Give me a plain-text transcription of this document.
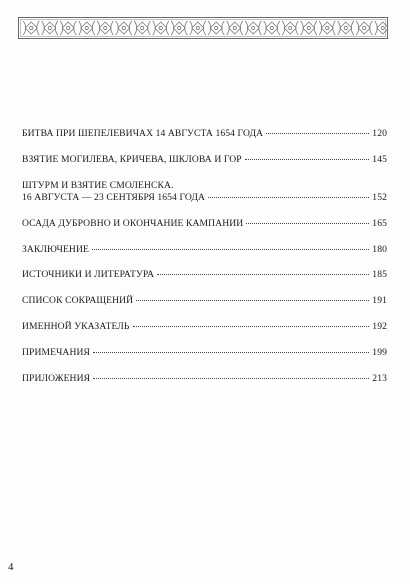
БИТВА ПРИ ШЕПЕЛЕВИЧАХ 14 АВГУСТА 1654 ГОДА	120
ВЗЯТИЕ МОГИЛЕВА, КРИЧЕВА, ШКЛОВА И ГОР	145
ШТУРМ И ВЗЯТИЕ СМОЛЕНСКА.
16 АВГУСТА — 23 СЕНТЯБРЯ 1654 ГОДА	152
ОСАДА ДУБРОВНО И ОКОНЧАНИЕ КАМПАНИИ	165
ЗАКЛЮЧЕНИЕ	180
ИСТОЧНИКИ И ЛИТЕРАТУРА	185
СПИСОК СОКРАЩЕНИЙ	191
ИМЕННОЙ УКАЗАТЕЛЬ	192
ПРИМЕЧАНИЯ	199
ПРИЛОЖЕНИЯ	213
4
